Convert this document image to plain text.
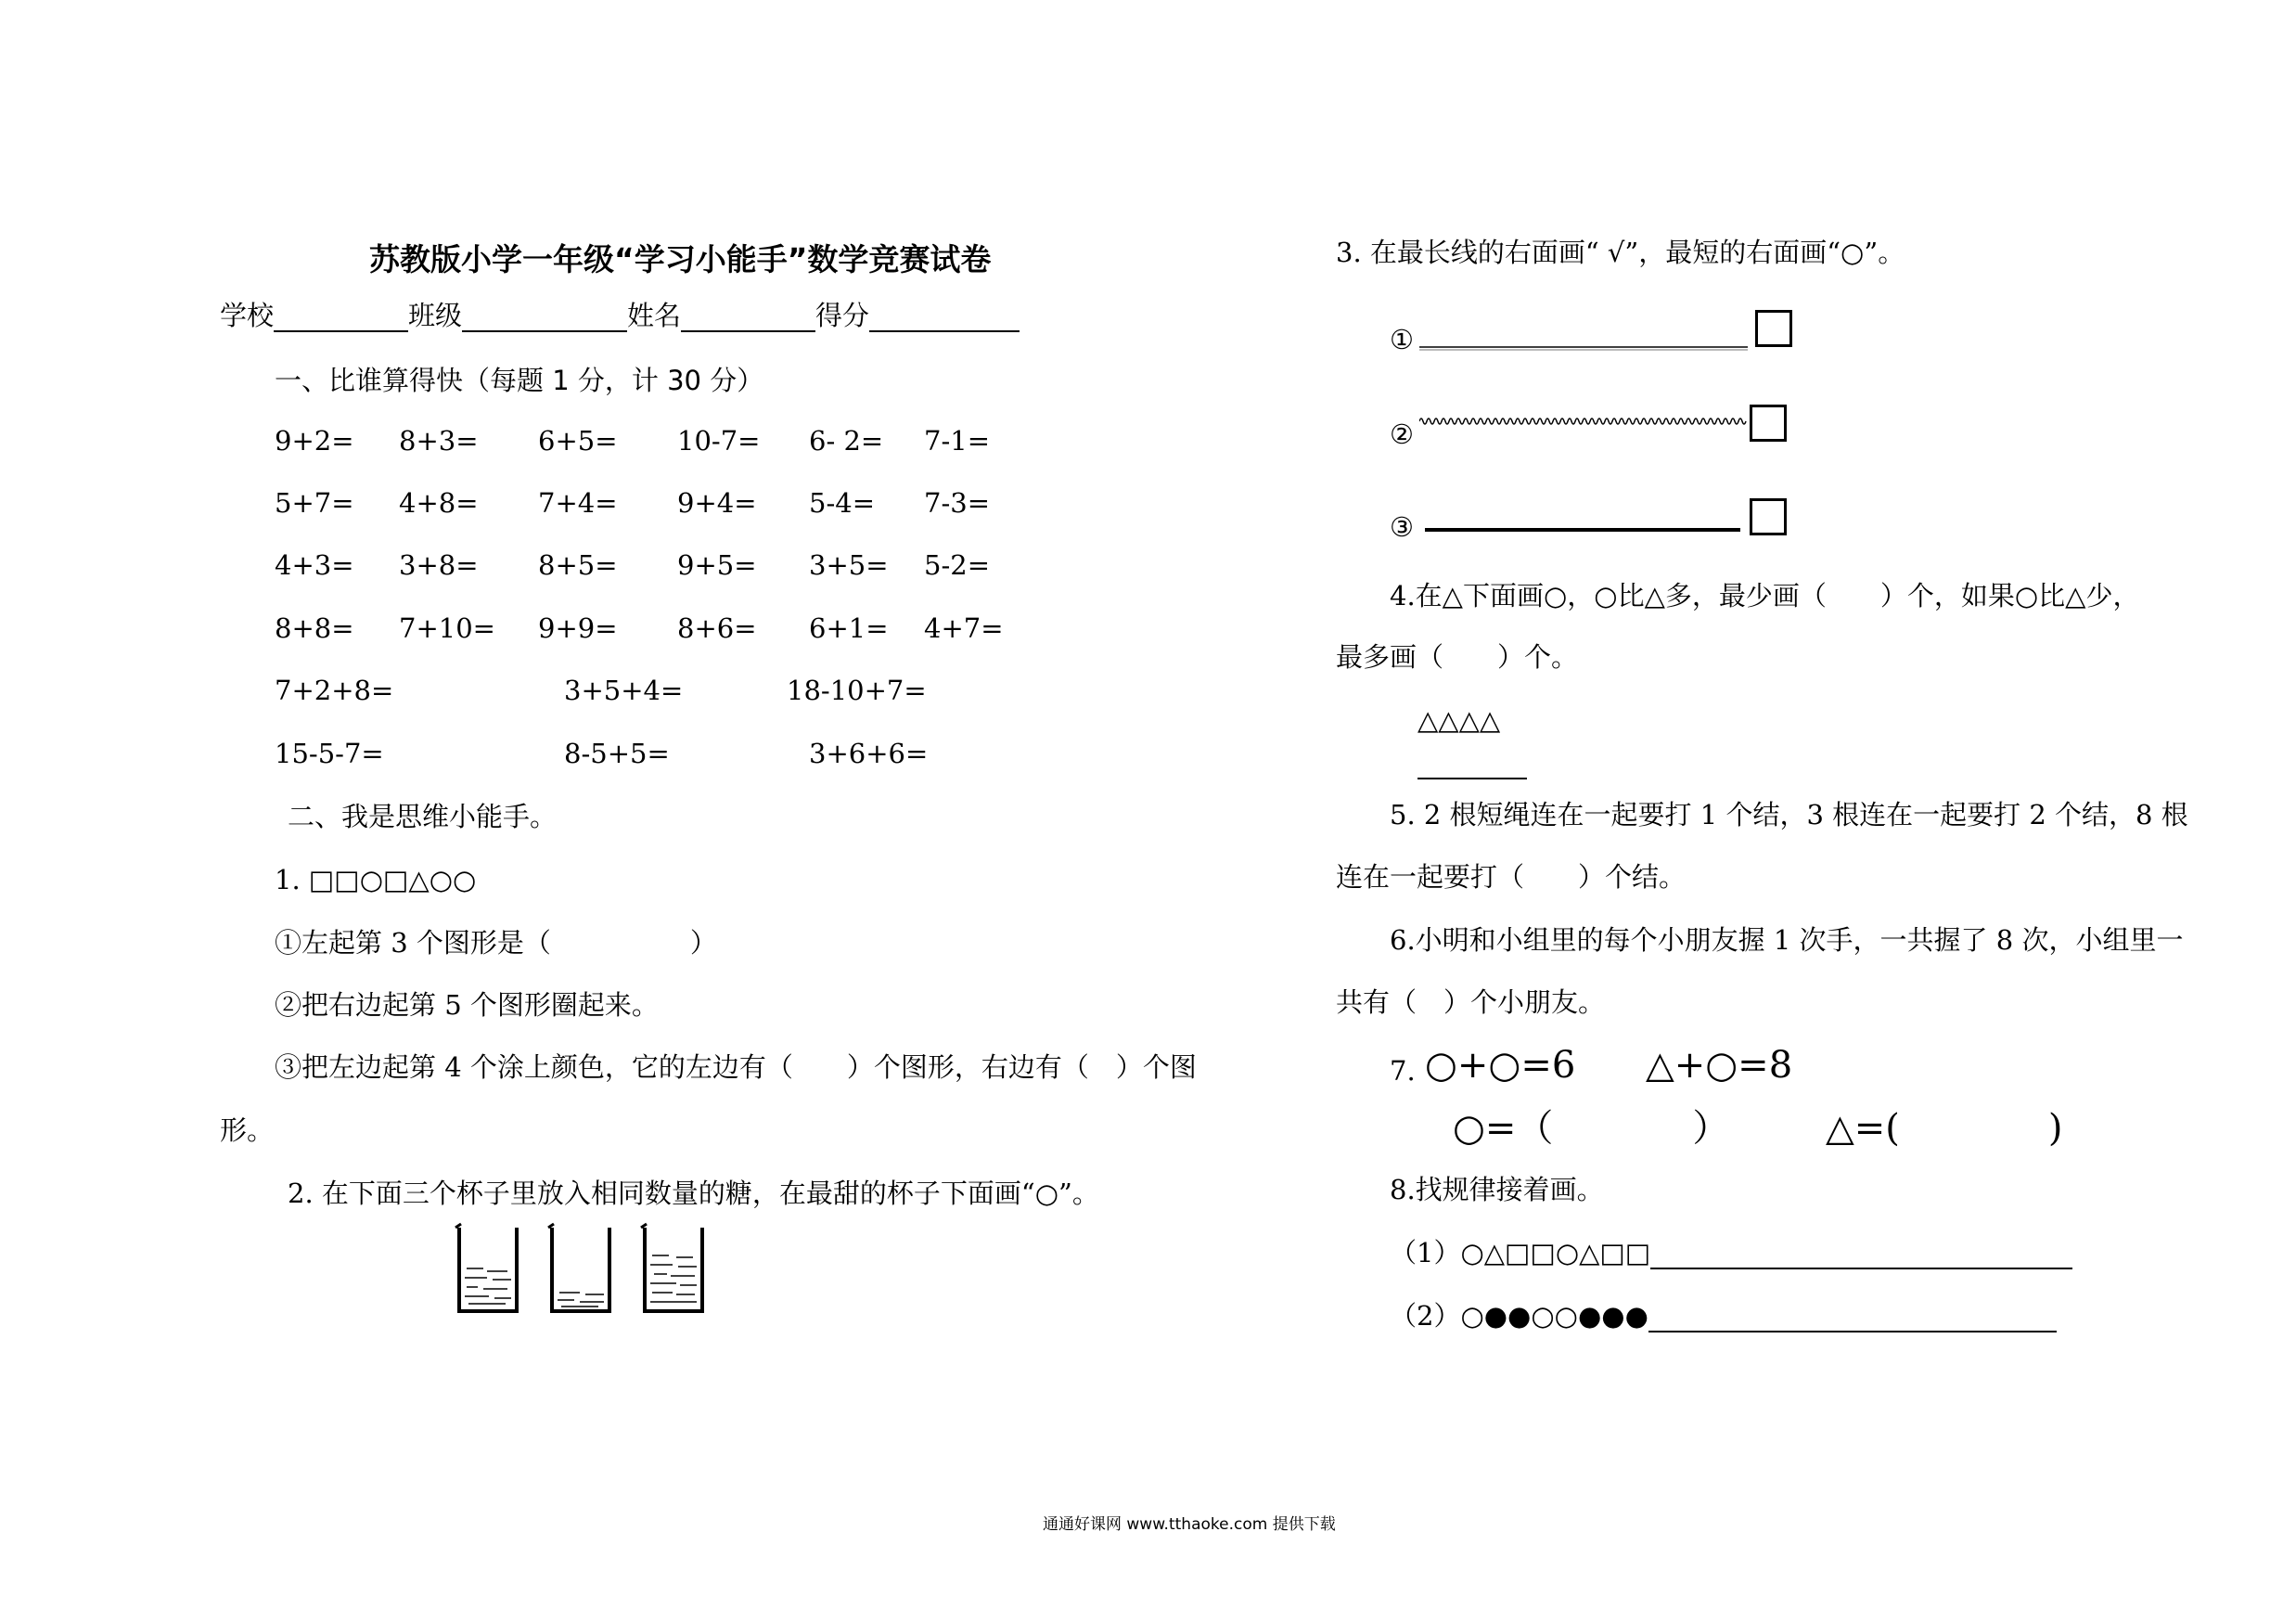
苏教版小学一年级“学习小能手”数学竞赛试卷
学校	班级	姓名	得分
一、比谁算得快（每题 1 分，计 30 分）
9+2= 8+3= 6+5= 10-7= 6- 2= 7-1=
5+7= 4+8= 7+4= 9+4= 5-4= 7-3=
4+3= 3+8= 8+5= 9+5= 3+5= 5-2=
8+8= 7+10= 9+9= 8+6= 6+1= 4+7=
7+2+8=	3+5+4=	18-10+7=
15-5-7=	8-5+5=	3+6+6=
二、我是思维小能手。
1. □□○□△○○
①左起第 3 个图形是（	）
②把右边起第 5 个图形圈起来。
③把左边起第 4 个涂上颜色，它的左边有（　　）个图形，右边有（　）个图
形。
2. 在下面三个杯子里放入相同数量的糖，在最甜的杯子下面画“○”。
3. 在最长线的右面画“ √”，最短的右面画“○”。
①
②
③
4.在△下面画○，○比△多，最少画（　　）个，如果○比△少，
最多画（　　）个。
△△△△
5. 2 根短绳连在一起要打 1 个结，3 根连在一起要打 2 个结，8 根
连在一起要打（　　）个结。
6.小明和小组里的每个小朋友握 1 次手，一共握了 8 次，小组里一
共有（　）个小朋友。
7. ○+○=6 △+○=8
○=（	）	△=(	)
8.找规律接着画。
（1）○△□□○△□□
（2）○●●○○●●●
通通好课网 www.tthaoke.com 提供下载
